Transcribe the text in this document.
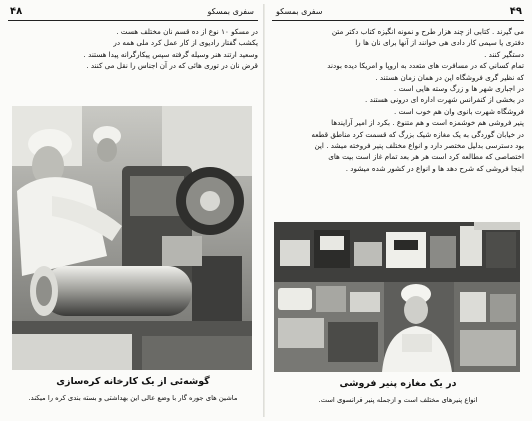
۴۸	سفری بمسکو
در مسکو ۱۰ نوع از ده قسم نان مختلف هست .
یکشب گفتار رادیوی از کار عمل کرد ملی همه در
وسعید ارتند هنر وسیله گرفته سپس پیکارگرانه پیدا هستند .
قرض نان در توری هائی که در آن اجناس را نقل می کنند .
گوشه‌ئی از یک کارخانه کره‌سازی
ماشین های جوره گار با وضع عالی این بهداشتی و بسته بندی کره را میکند.
۴۹
سفری بمسکو
می گیرند . کتابی از چند هزار طرح و نمونه انگیزه کتاب دکتر متن
دفتری یا سیمی کار دادی هی خوانند از آنها برای نان ها را
دستگیر کنند .
تمام کساني که در مسافرت های متعدد به اروپا و امریکا دیده بودند
که نظیر گری فروشگاه این در همان زمان هستند .
در اجباری شهر ها و زرگ وسته هایی است .
در بخشی از کنفرانس شهرت اداره ای درونی هستند .
فروشگاه شهرت بانوی وان هم خوب است .
پنیر فروشی هم خوشمزه است و هم متنوع . بکرد از امیر آرایندها
در خیابان گوردگی به یک مغازه شیک بزرگ که قسمت کرد مناطق قطعه
بود دسترسی بدلیل مختصر دارد و انواع مختلف پنیر فروخته میشد . این
اختصاصی که مطالعه کرد است هر هر بعد تمام غاز است بیت های
اینجا فروشی که شرح دهد ها و انواع در کشور شده میشود .
در یک مغازه پنیر فروشی
انواع پنیرهای مختلف است و ازجمله پنیر فرانسوی است.
